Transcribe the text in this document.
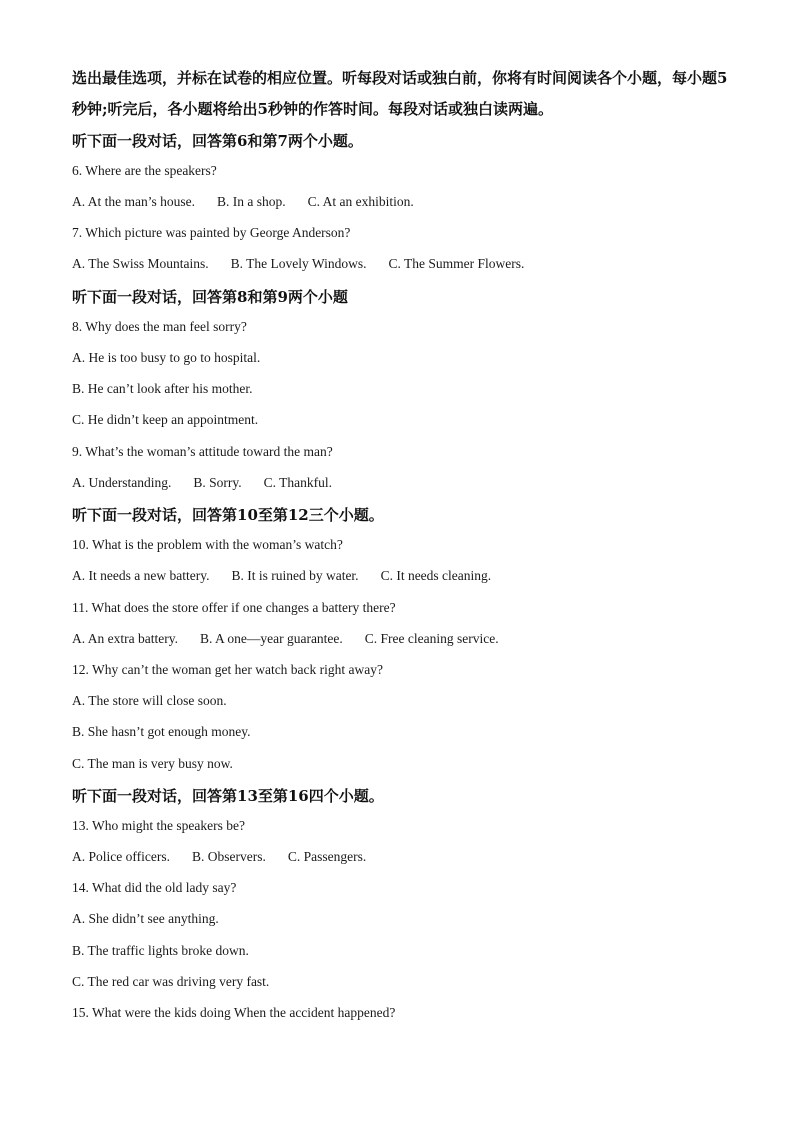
选出最佳选项，并标在试卷的相应位置。听每段对话或独白前，你将有时间阅读各个小题，每小题5秒钟;听完后，各小题将给出5秒钟的作答时间。每段对话或独白读两遍。
听下面一段对话，回答第6和第7两个小题。
6. Where are the speakers?
A. At the man’s house. B. In a shop. C. At an exhibition.
7. Which picture was painted by George Anderson?
A. The Swiss Mountains. B. The Lovely Windows. C. The Summer Flowers.
听下面一段对话，回答第8和第9两个小题
8. Why does the man feel sorry?
A. He is too busy to go to hospital.
B. He can’t look after his mother.
C. He didn’t keep an appointment.
9. What’s the woman’s attitude toward the man?
A. Understanding. B. Sorry. C. Thankful.
听下面一段对话，回答第10至第12三个小题。
10. What is the problem with the woman’s watch?
A. It needs a new battery. B. It is ruined by water. C. It needs cleaning.
11. What does the store offer if one changes a battery there?
A. An extra battery. B. A one—year guarantee. C. Free cleaning service.
12. Why can’t the woman get her watch back right away?
A. The store will close soon.
B. She hasn’t got enough money.
C. The man is very busy now.
听下面一段对话，回答第13至第16四个小题。
13. Who might the speakers be?
A. Police officers. B. Observers. C. Passengers.
14. What did the old lady say?
A. She didn’t see anything.
B. The traffic lights broke down.
C. The red car was driving very fast.
15. What were the kids doing When the accident happened?
